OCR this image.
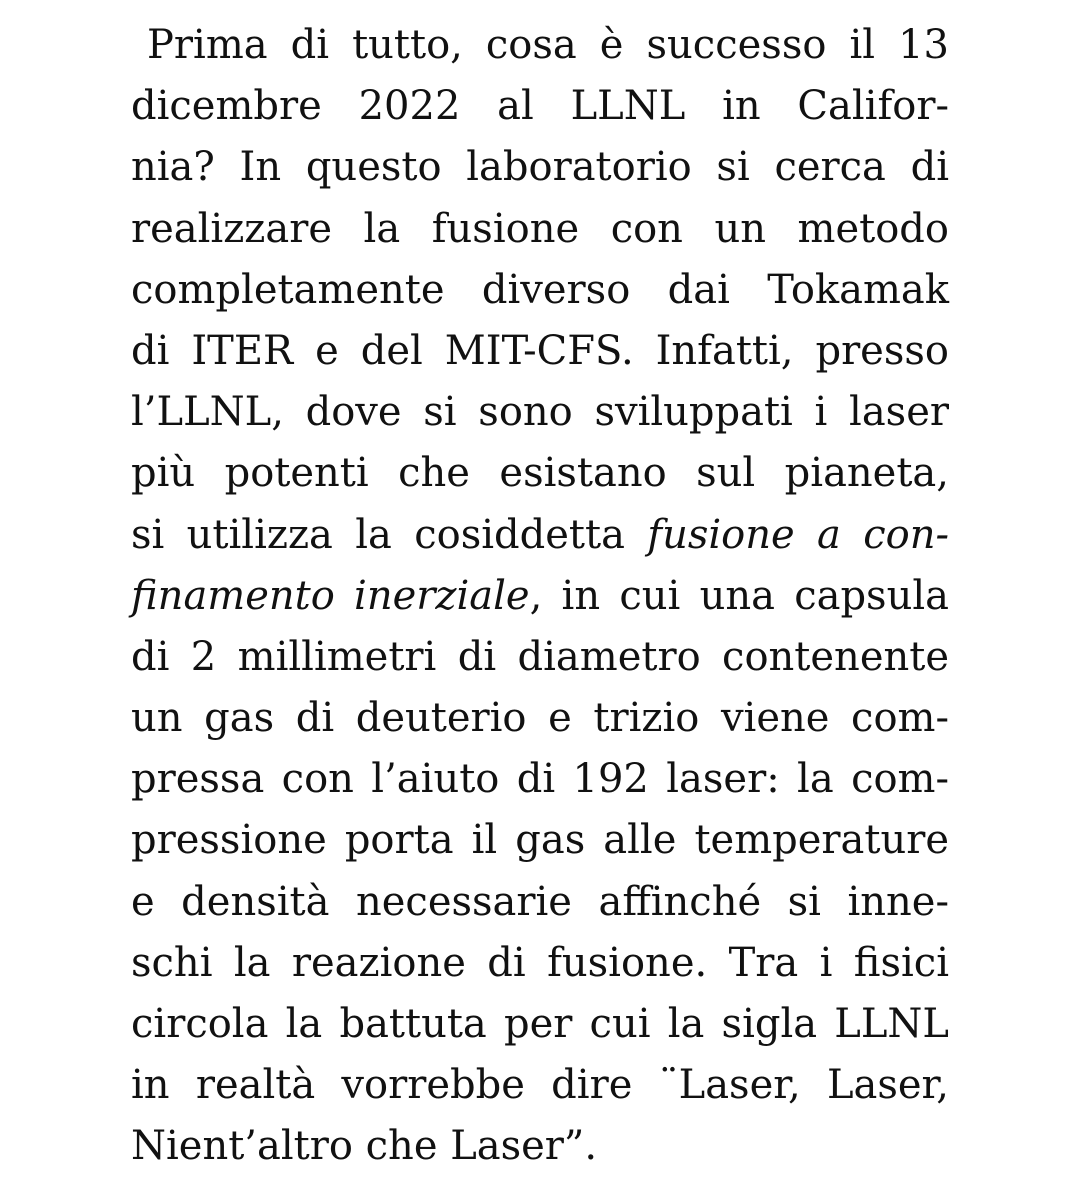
Prima di tutto, cosa è successo il 13
dicembre 2022 al LLNL in Califor-
nia? In questo laboratorio si cerca di
realizzare la fusione con un metodo
completamente diverso dai Tokamak
di ITER e del MIT-CFS. Infatti, presso
l’LLNL, dove si sono sviluppati i laser
più potenti che esistano sul pianeta,
si utilizza la cosiddetta fusione a con-
finamento inerziale, in cui una capsula
di 2 millimetri di diametro contenente
un gas di deuterio e trizio viene com-
pressa con l’aiuto di 192 laser: la com-
pressione porta il gas alle temperature
e densità necessarie affinché si inne-
schi la reazione di fusione. Tra i fisici
circola la battuta per cui la sigla LLNL
in realtà vorrebbe dire ¨Laser, Laser,
Nient’altro che Laser”.
